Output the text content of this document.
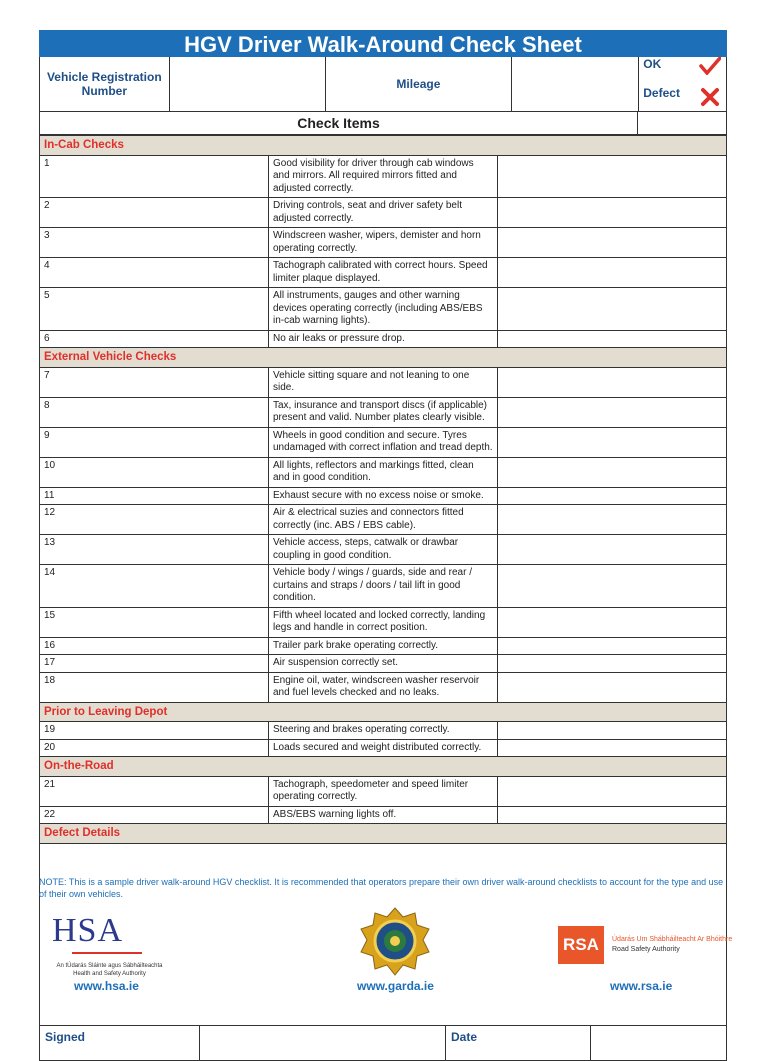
HGV Driver Walk-Around Check Sheet
Vehicle Registration Number	Mileage
OK
Defect
Check Items
In-Cab Checks		
1	Good visibility for driver through cab windows and mirrors. All required mirrors fitted and adjusted correctly.	
2	Driving controls, seat and driver safety belt adjusted correctly.	
3	Windscreen washer, wipers, demister and horn operating correctly.	
4	Tachograph calibrated with correct hours. Speed limiter plaque displayed.	
5	All instruments, gauges and other warning devices operating correctly (including ABS/EBS in-cab warning lights).	
6	No air leaks or pressure drop.	
External Vehicle Checks		
7	Vehicle sitting square and not leaning to one side.	
8	Tax, insurance and transport discs (if applicable) present and valid. Number plates clearly visible.	
9	Wheels in good condition and secure. Tyres undamaged with correct inflation and tread depth.	
10	All lights, reflectors and markings fitted, clean and in good condition.	
11	Exhaust secure with no excess noise or smoke.	
12	Air & electrical suzies and connectors fitted correctly (inc. ABS / EBS cable).	
13	Vehicle access, steps, catwalk or drawbar coupling in good condition.	
14	Vehicle body / wings / guards, side and rear / curtains and straps / doors / tail lift in good condition.	
15	Fifth wheel located and locked correctly, landing legs and handle in correct position.	
16	Trailer park brake operating correctly.	
17	Air suspension correctly set.	
18	Engine oil, water, windscreen washer reservoir and fuel levels checked and no leaks.	
Prior to Leaving Depot		
19	Steering and brakes operating correctly.	
20	Loads secured and weight distributed correctly.	
On-the-Road		
21	Tachograph, speedometer and speed limiter operating correctly.	
22	ABS/EBS warning lights off.	
Defect Details		
Signed	Date
NOTE: This is a sample driver walk-around HGV checklist. It is recommended that operators prepare their own driver walk-around checklists to account for the type and use of their own vehicles.
HSA
An tÚdarás Sláinte agus Sábháilteachta
Health and Safety Authority
RSA	Údarás Um Shábháilteacht Ar Bhóithre
Road Safety Authority
www.hsa.ie	www.garda.ie	www.rsa.ie
